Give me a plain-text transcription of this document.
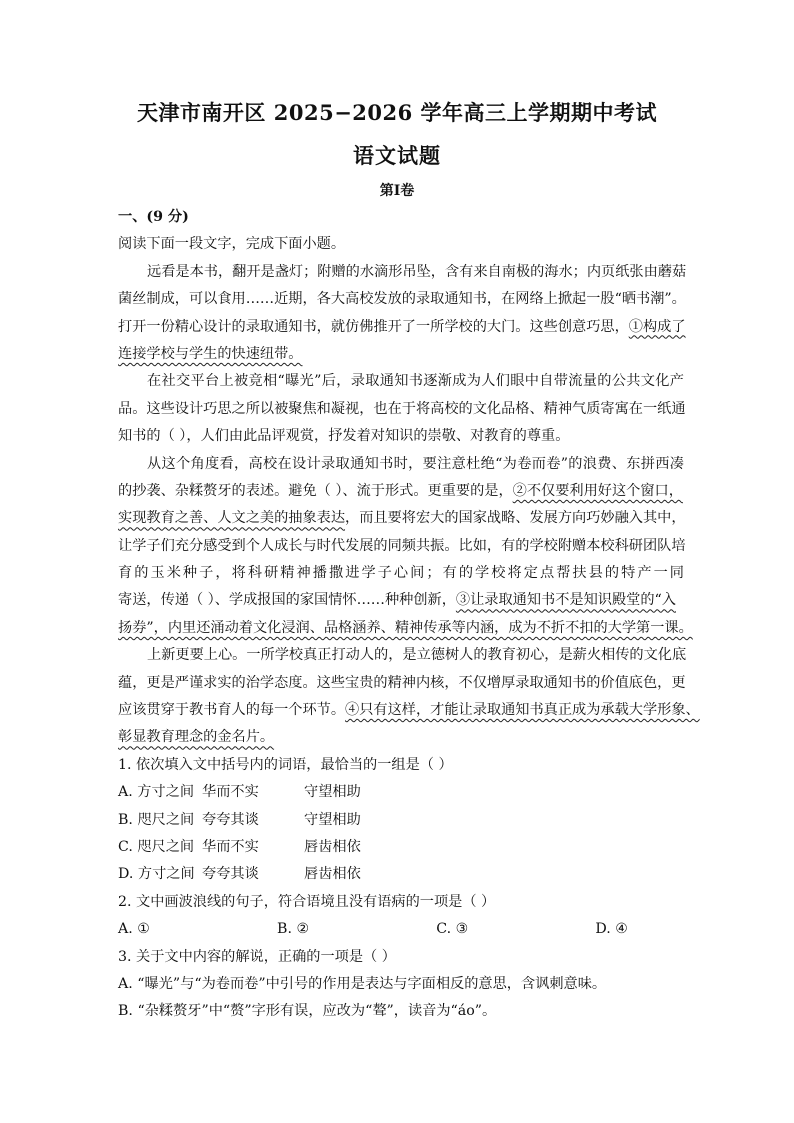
天津市南开区 2025−2026 学年高三上学期期中考试
语文试题
第Ⅰ卷
一、(9 分)
阅读下面一段文字，完成下面小题。
远看是本书，翻开是盏灯；附赠的水滴形吊坠，含有来自南极的海水；内页纸张由蘑菇
菌丝制成，可以食用……近期，各大高校发放的录取通知书，在网络上掀起一股“晒书潮”。
打开一份精心设计的录取通知书，就仿佛推开了一所学校的大门。这些创意巧思，①构成了
连接学校与学生的快速纽带。
在社交平台上被竞相“曝光”后，录取通知书逐渐成为人们眼中自带流量的公共文化产
品。这些设计巧思之所以被聚焦和凝视，也在于将高校的文化品格、精神气质寄寓在一纸通
知书的（ ），人们由此品评观赏，抒发着对知识的崇敬、对教育的尊重。
从这个角度看，高校在设计录取通知书时，要注意杜绝“为卷而卷”的浪费、东拼西凑
的抄袭、杂糅赘牙的表述。避免（ ）、流于形式。更重要的是，②不仅要利用好这个窗口，
实现教育之善、人文之美的抽象表达，而且要将宏大的国家战略、发展方向巧妙融入其中，
让学子们充分感受到个人成长与时代发展的同频共振。比如，有的学校附赠本校科研团队培
育的玉米种子，将科研精神播撒进学子心间；有的学校将定点帮扶县的特产一同
寄送，传递（ ）、学成报国的家国情怀……种种创新，③让录取通知书不是知识殿堂的“入
扬券”，内里还涌动着文化浸润、品格涵养、精神传承等内涵，成为不折不扣的大学第一课。
上新更要上心。一所学校真正打动人的，是立德树人的教育初心，是薪火相传的文化底
蕴，更是严谨求实的治学态度。这些宝贵的精神内核，不仅增厚录取通知书的价值底色，更
应该贯穿于教书育人的每一个环节。④只有这样，才能让录取通知书真正成为承载大学形象、
彰显教育理念的金名片。
1. 依次填入文中括号内的词语，最恰当的一组是（ ）
A. 方寸之间 华而不实	守望相助
B. 咫尺之间 夸夸其谈	守望相助
C. 咫尺之间 华而不实	唇齿相依
D. 方寸之间 夸夸其谈	唇齿相依
2. 文中画波浪线的句子，符合语境且没有语病的一项是（ ）
A. ①	B. ②	C. ③	D. ④
3. 关于文中内容的解说，正确的一项是（ ）
A. “曝光”与“为卷而卷”中引号的作用是表达与字面相反的意思，含讽刺意味。
B. “杂糅赘牙”中“赘”字形有误，应改为“聱”，读音为“áo”。
